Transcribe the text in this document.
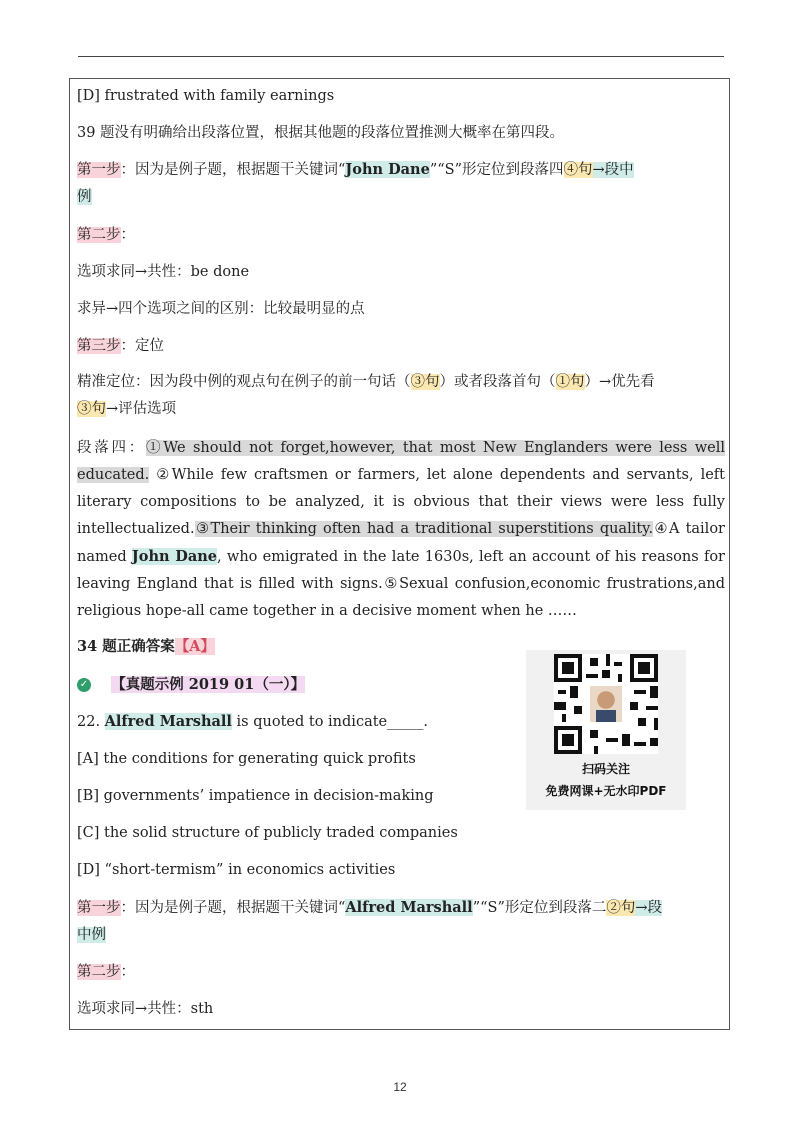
[D] frustrated with family earnings
39 题没有明确给出段落位置，根据其他题的段落位置推测大概率在第四段。
第一步：因为是例子题，根据题干关键词“John Dane”“S”形定位到段落四④句→段中
例
第二步：
选项求同→共性：be done
求异→四个选项之间的区别：比较最明显的点
第三步：定位
精准定位：因为段中例的观点句在例子的前一句话（③句）或者段落首句（①句）→优先看
③句→评估选项
段落四：①We should not forget,however, that most New Englanders were less well educated. ②While few craftsmen or farmers, let alone dependents and servants, left literary compositions to be analyzed, it is obvious that their views were less fully intellectualized.③Their thinking often had a traditional superstitions quality.④A tailor named John Dane, who emigrated in the late 1630s, left an account of his reasons for leaving England that is filled with signs.⑤Sexual confusion,economic frustrations,and religious hope-all came together in a decisive moment when he ……
34 题正确答案【A】
✓ 【真题示例 2019 01（一）】
22. Alfred Marshall is quoted to indicate_____.
[A] the conditions for generating quick profits
[B] governments’ impatience in decision-making
[C] the solid structure of publicly traded companies
[D] “short-termism” in economics activities
第一步：因为是例子题，根据题干关键词“Alfred Marshall”“S”形定位到段落二②句→段
中例
第二步：
选项求同→共性：sth
扫码关注
免费网课+无水印PDF
12
